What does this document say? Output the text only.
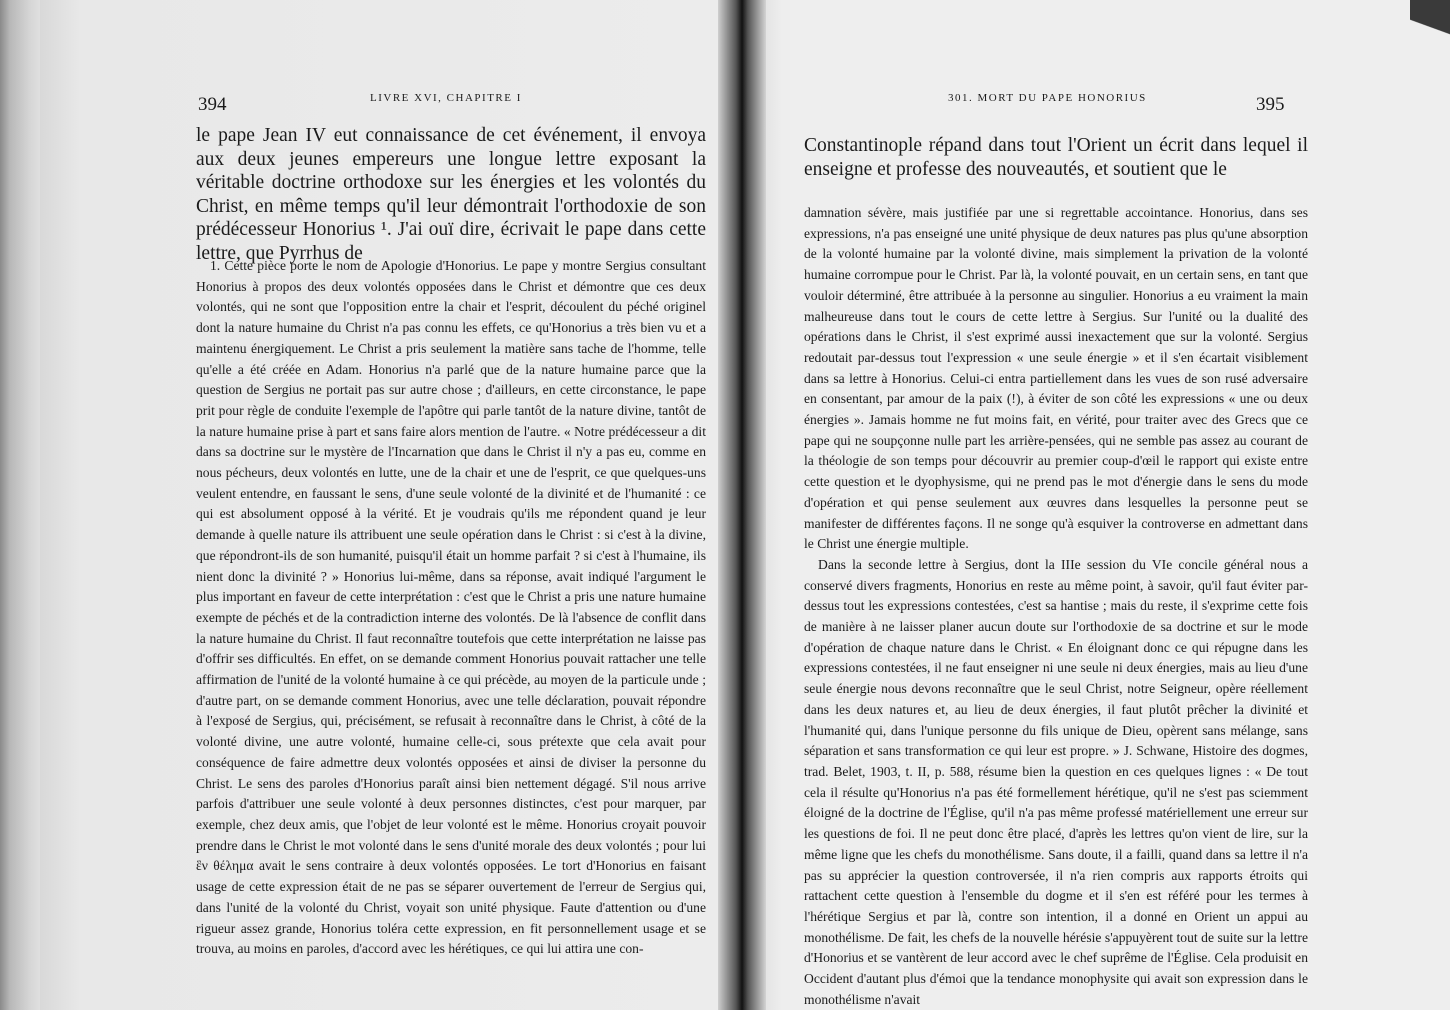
394	LIVRE XVI, CHAPITRE I

le pape Jean IV eut connaissance de cet événement, il envoya aux deux jeunes empereurs une longue lettre exposant la véritable doctrine orthodoxe sur les énergies et les volontés du Christ, en même temps qu'il leur démontrait l'orthodoxie de son prédécesseur Honorius ¹. J'ai ouï dire, écrivait le pape dans cette lettre, que Pyrrhus de

1. Cette pièce porte le nom de Apologie d'Honorius. Le pape y montre Sergius consultant Honorius à propos des deux volontés opposées dans le Christ et démontre que ces deux volontés, qui ne sont que l'opposition entre la chair et l'esprit, découlent du péché originel dont la nature humaine du Christ n'a pas connu les effets, ce qu'Honorius a très bien vu et a maintenu énergiquement. Le Christ a pris seulement la matière sans tache de l'homme, telle qu'elle a été créée en Adam. Honorius n'a parlé que de la nature humaine parce que la question de Sergius ne portait pas sur autre chose ; d'ailleurs, en cette circonstance, le pape prit pour règle de conduite l'exemple de l'apôtre qui parle tantôt de la nature divine, tantôt de la nature humaine prise à part et sans faire alors mention de l'autre. « Notre prédécesseur a dit dans sa doctrine sur le mystère de l'Incarnation que dans le Christ il n'y a pas eu, comme en nous pécheurs, deux volontés en lutte, une de la chair et une de l'esprit, ce que quelques-uns veulent entendre, en faussant le sens, d'une seule volonté de la divinité et de l'humanité : ce qui est absolument opposé à la vérité. Et je voudrais qu'ils me répondent quand je leur demande à quelle nature ils attribuent une seule opération dans le Christ : si c'est à la divine, que répondront-ils de son humanité, puisqu'il était un homme parfait ? si c'est à l'humaine, ils nient donc la divinité ? » Honorius lui-même, dans sa réponse, avait indiqué l'argument le plus important en faveur de cette interprétation : c'est que le Christ a pris une nature humaine exempte de péchés et de la contradiction interne des volontés. De là l'absence de conflit dans la nature humaine du Christ. Il faut reconnaître toutefois que cette interprétation ne laisse pas d'offrir ses difficultés. En effet, on se demande comment Honorius pouvait rattacher une telle affirmation de l'unité de la volonté humaine à ce qui précède, au moyen de la particule unde ; d'autre part, on se demande comment Honorius, avec une telle déclaration, pouvait répondre à l'exposé de Sergius, qui, précisément, se refusait à reconnaître dans le Christ, à côté de la volonté divine, une autre volonté, humaine celle-ci, sous prétexte que cela avait pour conséquence de faire admettre deux volontés opposées et ainsi de diviser la personne du Christ. Le sens des paroles d'Honorius paraît ainsi bien nettement dégagé. S'il nous arrive parfois d'attribuer une seule volonté à deux personnes distinctes, c'est pour marquer, par exemple, chez deux amis, que l'objet de leur volonté est le même. Honorius croyait pouvoir prendre dans le Christ le mot volonté dans le sens d'unité morale des deux volontés ; pour lui ἓν θέλημα avait le sens contraire à deux volontés opposées. Le tort d'Honorius en faisant usage de cette expression était de ne pas se séparer ouvertement de l'erreur de Sergius qui, dans l'unité de la volonté du Christ, voyait son unité physique. Faute d'attention ou d'une rigueur assez grande, Honorius toléra cette expression, en fit personnellement usage et se trouva, au moins en paroles, d'accord avec les hérétiques, ce qui lui attira une con-

301. MORT DU PAPE HONORIUS	395

Constantinople répand dans tout l'Orient un écrit dans lequel il enseigne et professe des nouveautés, et soutient que le

damnation sévère, mais justifiée par une si regrettable accointance. Honorius, dans ses expressions, n'a pas enseigné une unité physique de deux natures pas plus qu'une absorption de la volonté humaine par la volonté divine, mais simplement la privation de la volonté humaine corrompue pour le Christ. Par là, la volonté pouvait, en un certain sens, en tant que vouloir déterminé, être attribuée à la personne au singulier. Honorius a eu vraiment la main malheureuse dans tout le cours de cette lettre à Sergius. Sur l'unité ou la dualité des opérations dans le Christ, il s'est exprimé aussi inexactement que sur la volonté. Sergius redoutait par-dessus tout l'expression « une seule énergie » et il s'en écartait visiblement dans sa lettre à Honorius. Celui-ci entra partiellement dans les vues de son rusé adversaire en consentant, par amour de la paix (!), à éviter de son côté les expressions « une ou deux énergies ». Jamais homme ne fut moins fait, en vérité, pour traiter avec des Grecs que ce pape qui ne soupçonne nulle part les arrière-pensées, qui ne semble pas assez au courant de la théologie de son temps pour découvrir au premier coup-d'œil le rapport qui existe entre cette question et le dyophysisme, qui ne prend pas le mot d'énergie dans le sens du mode d'opération et qui pense seulement aux œuvres dans lesquelles la personne peut se manifester de différentes façons. Il ne songe qu'à esquiver la controverse en admettant dans le Christ une énergie multiple.

Dans la seconde lettre à Sergius, dont la IIIe session du VIe concile général nous a conservé divers fragments, Honorius en reste au même point, à savoir, qu'il faut éviter par-dessus tout les expressions contestées, c'est sa hantise ; mais du reste, il s'exprime cette fois de manière à ne laisser planer aucun doute sur l'orthodoxie de sa doctrine et sur le mode d'opération de chaque nature dans le Christ. « En éloignant donc ce qui répugne dans les expressions contestées, il ne faut enseigner ni une seule ni deux énergies, mais au lieu d'une seule énergie nous devons reconnaître que le seul Christ, notre Seigneur, opère réellement dans les deux natures et, au lieu de deux énergies, il faut plutôt prêcher la divinité et l'humanité qui, dans l'unique personne du fils unique de Dieu, opèrent sans mélange, sans séparation et sans transformation ce qui leur est propre. » J. Schwane, Histoire des dogmes, trad. Belet, 1903, t. II, p. 588, résume bien la question en ces quelques lignes : « De tout cela il résulte qu'Honorius n'a pas été formellement hérétique, qu'il ne s'est pas sciemment éloigné de la doctrine de l'Église, qu'il n'a pas même professé matériellement une erreur sur les questions de foi. Il ne peut donc être placé, d'après les lettres qu'on vient de lire, sur la même ligne que les chefs du monothélisme. Sans doute, il a failli, quand dans sa lettre il n'a pas su apprécier la question controversée, il n'a rien compris aux rapports étroits qui rattachent cette question à l'ensemble du dogme et il s'en est référé pour les termes à l'hérétique Sergius et par là, contre son intention, il a donné en Orient un appui au monothélisme. De fait, les chefs de la nouvelle hérésie s'appuyèrent tout de suite sur la lettre d'Honorius et se vantèrent de leur accord avec le chef suprême de l'Église. Cela produisit en Occident d'autant plus d'émoi que la tendance monophysite qui avait son expression dans le monothélisme n'avait
